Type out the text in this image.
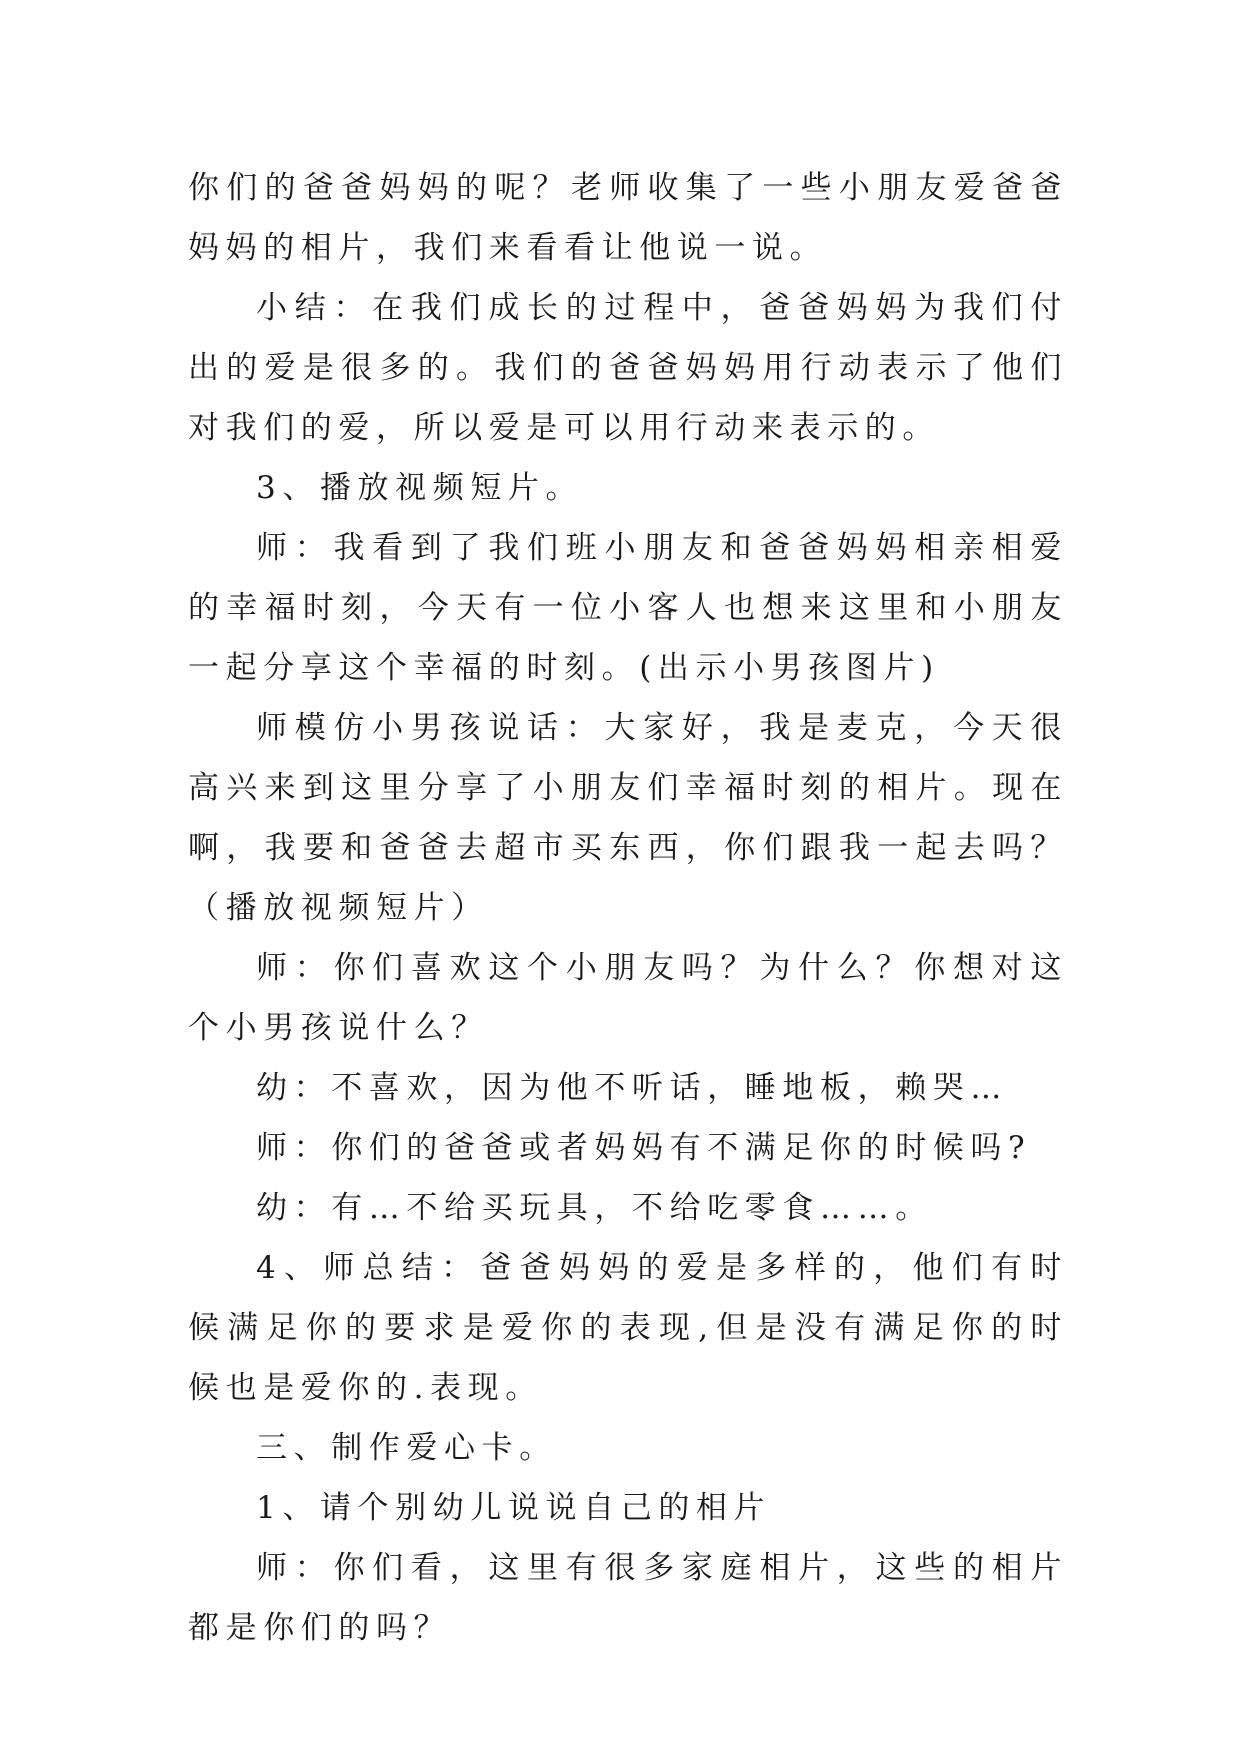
你们的爸爸妈妈的呢？老师收集了一些小朋友爱爸爸妈妈的相片，我们来看看让他说一说。

小结：在我们成长的过程中，爸爸妈妈为我们付出的爱是很多的。我们的爸爸妈妈用行动表示了他们对我们的爱，所以爱是可以用行动来表示的。

3、播放视频短片。

师：我看到了我们班小朋友和爸爸妈妈相亲相爱的幸福时刻，今天有一位小客人也想来这里和小朋友一起分享这个幸福的时刻。(出示小男孩图片)

师模仿小男孩说话：大家好，我是麦克，今天很高兴来到这里分享了小朋友们幸福时刻的相片。现在啊，我要和爸爸去超市买东西，你们跟我一起去吗？（播放视频短片）

师：你们喜欢这个小朋友吗？为什么？你想对这个小男孩说什么？

幼：不喜欢，因为他不听话，睡地板，赖哭…

师：你们的爸爸或者妈妈有不满足你的时候吗?

幼：有…不给买玩具，不给吃零食……。

4、师总结：爸爸妈妈的爱是多样的，他们有时候满足你的要求是爱你的表现,但是没有满足你的时候也是爱你的.表现。

三、制作爱心卡。

1、请个别幼儿说说自己的相片

师：你们看，这里有很多家庭相片，这些的相片都是你们的吗？
